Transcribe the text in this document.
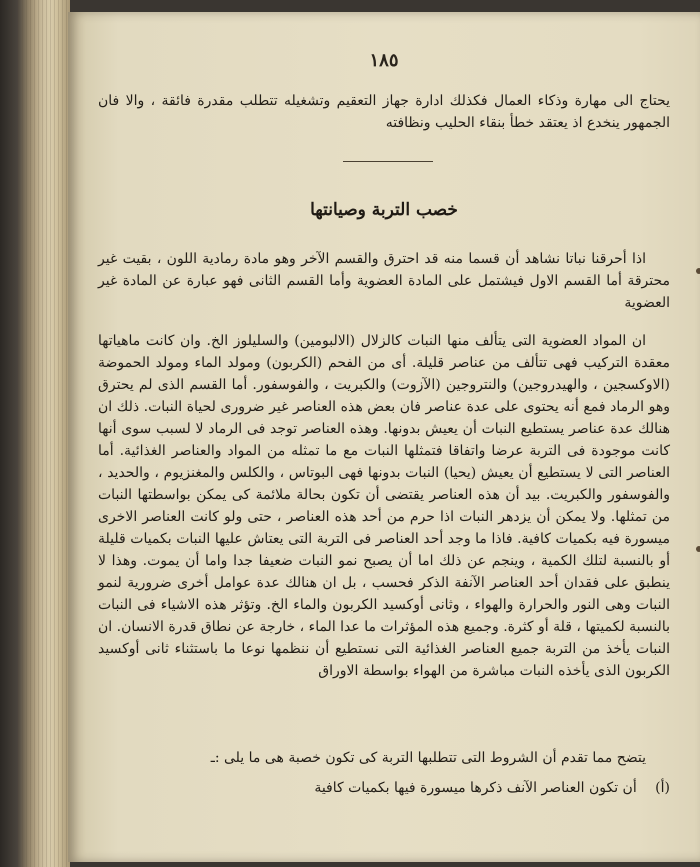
١٨٥
يحتاج الى مهارة وذكاء العمال فكذلك ادارة جهاز التعقيم وتشغيله تتطلب مقدرة فائقة ، والا فان الجمهور ينخدع اذ يعتقد خطأ بنقاء الحليب ونظافته
خصب التربة وصيانتها
اذا أحرقنا نباتا نشاهد أن قسما منه قد احترق والقسم الآخر وهو مادة رمادية اللون ، بقيت غير محترقة أما القسم الاول فيشتمل على المادة العضوية وأما القسم الثانى فهو عبارة عن المادة غير العضوية
ان المواد العضوية التى يتألف منها النبات كالزلال (الالبومين) والسليلوز الخ. وان كانت ماهياتها معقدة التركيب فهى تتألف من عناصر قليلة. أى من الفحم (الكربون) ومولد الماء ومولد الحموضة (الاوكسجين ، والهيدروجين) والنتروجين (الآزوت) والكبريت ، والفوسفور. أما القسم الذى لم يحترق وهو الرماد فمع أنه يحتوى على عدة عناصر فان بعض هذه العناصر غير ضرورى لحياة النبات. ذلك ان هنالك عدة عناصر يستطيع النبات أن يعيش بدونها. وهذه العناصر توجد فى الرماد لا لسبب سوى أنها كانت موجودة فى التربة عرضا واتفاقا فتمثلها النبات مع ما تمثله من المواد والعناصر الغذائية. أما العناصر التى لا يستطيع أن يعيش (يحيا) النبات بدونها فهى البوتاس ، والكلس والمغنزيوم ، والحديد ، والفوسفور والكبريت. بيد أن هذه العناصر يقتضى أن تكون بحالة ملائمة كى يمكن بواسطتها النبات من تمثلها. ولا يمكن أن يزدهر النبات اذا حرم من أحد هذه العناصر ، حتى ولو كانت العناصر الاخرى ميسورة فيه بكميات كافية. فاذا ما وجد أحد العناصر فى التربة التى يعتاش عليها النبات بكميات قليلة أو بالنسبة لتلك الكمية ، وينجم عن ذلك اما أن يصبح نمو النبات ضعيفا جدا واما أن يموت. وهذا لا ينطبق على فقدان أحد العناصر الآنفة الذكر فحسب ، بل ان هنالك عدة عوامل أخرى ضرورية لنمو النبات وهى النور والحرارة والهواء ، وثانى أوكسيد الكربون والماء الخ. وتؤثر هذه الاشياء فى النبات بالنسبة لكميتها ، قلة أو كثرة. وجميع هذه المؤثرات ما عدا الماء ، خارجة عن نطاق قدرة الانسان. ان النبات يأخذ من التربة جميع العناصر الغذائية التى نستطيع أن ننظمها نوعا ما باستثناء ثانى أوكسيد الكربون الذى يأخذه النبات مباشرة من الهواء بواسطة الاوراق
يتضح مما تقدم أن الشروط التى تتطلبها التربة كى تكون خصبة هى ما يلى :ـ
(أ) أن تكون العناصر الآنف ذكرها ميسورة فيها بكميات كافية
